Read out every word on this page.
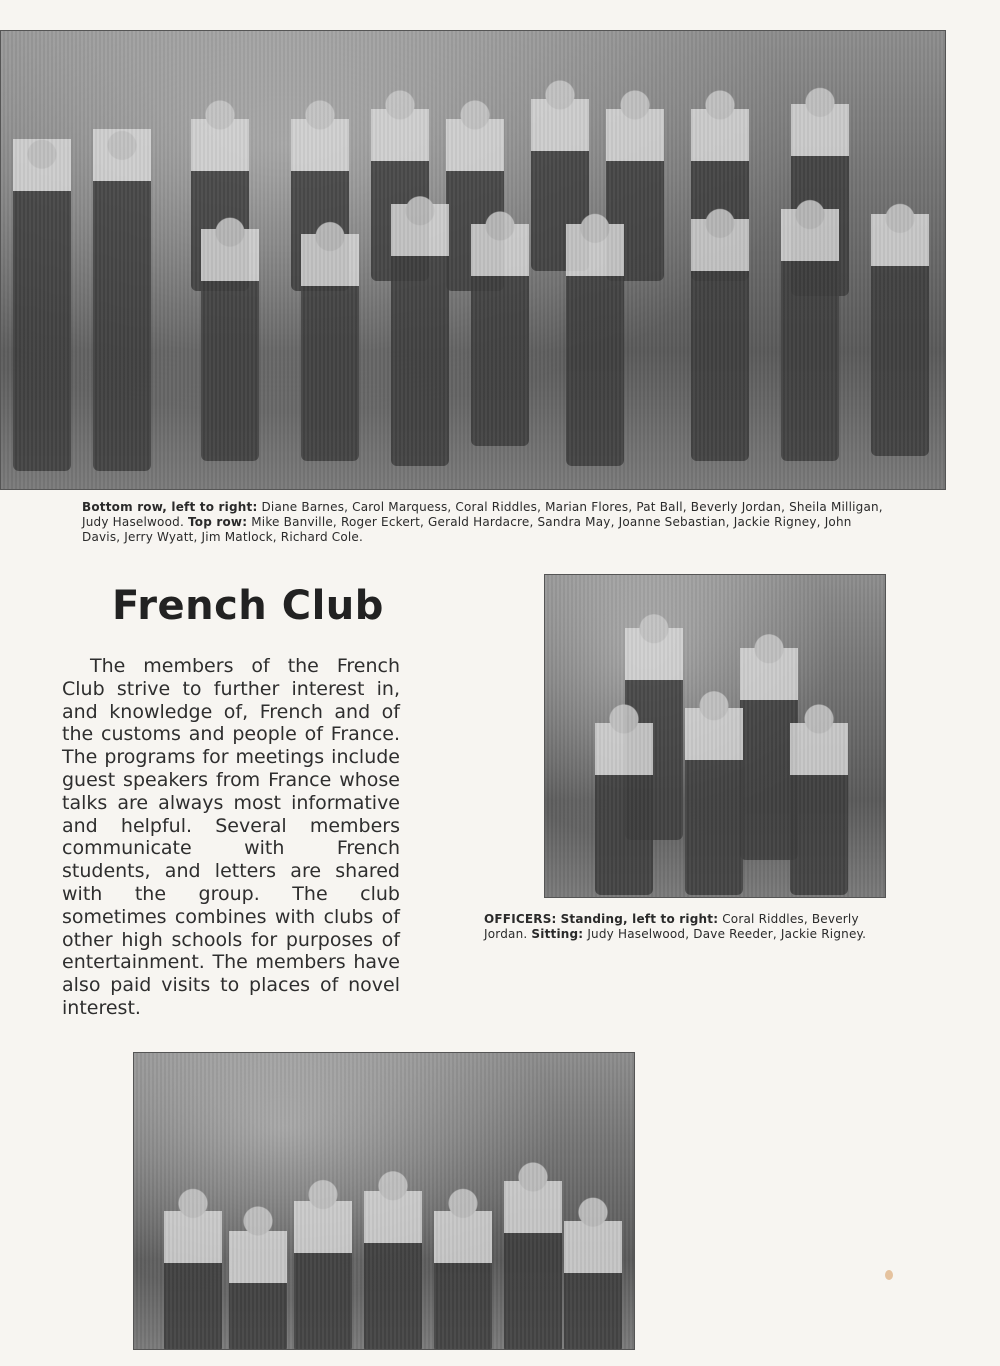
Bottom row, left to right: Diane Barnes, Carol Marquess, Coral Riddles, Marian Flores, Pat Ball, Beverly Jordan, Sheila Milligan, Judy Haselwood. Top row: Mike Banville, Roger Eckert, Gerald Hardacre, Sandra May, Joanne Sebastian, Jackie Rigney, John Davis, Jerry Wyatt, Jim Matlock, Richard Cole.

French Club

The members of the French Club strive to further interest in, and knowledge of, French and of the customs and people of France. The programs for meetings include guest speakers from France whose talks are always most informative and helpful. Several members communicate with French students, and letters are shared with the group. The club sometimes combines with clubs of other high schools for purposes of entertainment. The members have also paid visits to places of novel interest.

OFFICERS: Standing, left to right: Coral Riddles, Beverly Jordan. Sitting: Judy Haselwood, Dave Reeder, Jackie Rigney.
